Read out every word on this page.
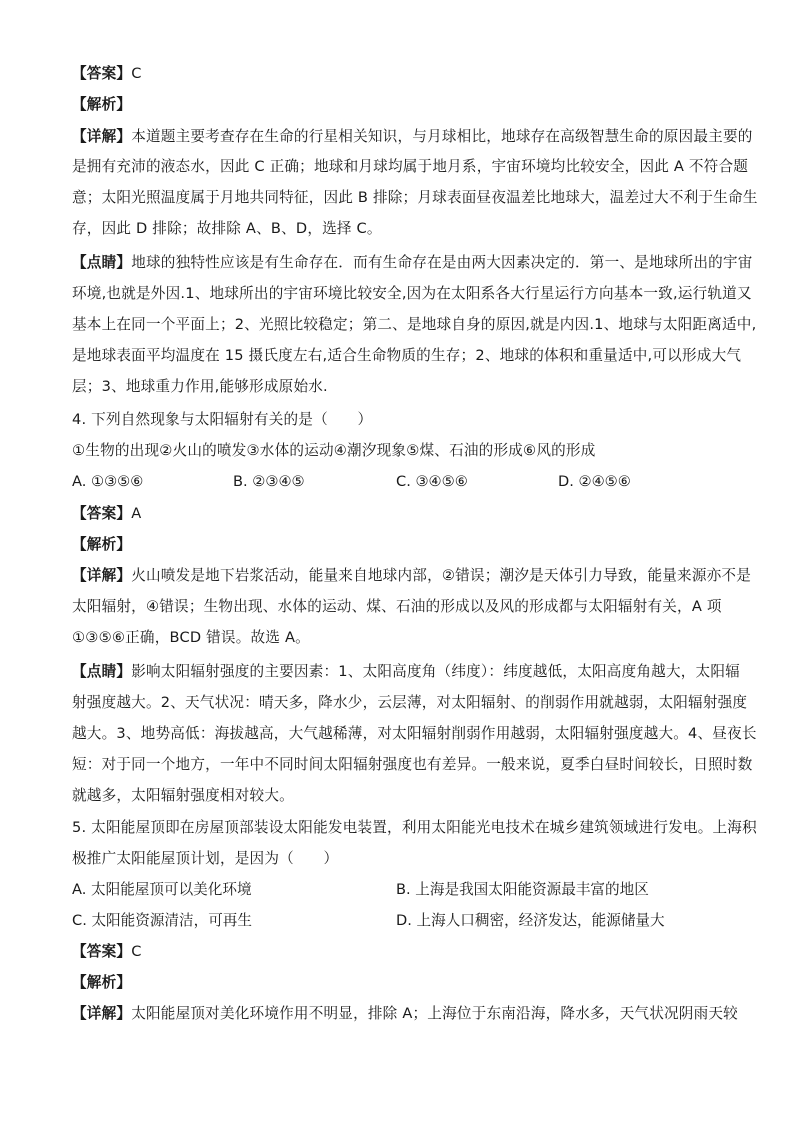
【答案】C
【解析】
【详解】本道题主要考查存在生命的行星相关知识，与月球相比，地球存在高级智慧生命的原因最主要的
是拥有充沛的液态水，因此 C 正确；地球和月球均属于地月系，宇宙环境均比较安全，因此 A 不符合题
意；太阳光照温度属于月地共同特征，因此 B 排除；月球表面昼夜温差比地球大，温差过大不利于生命生
存，因此 D 排除；故排除 A、B、D，选择 C。
【点睛】地球的独特性应该是有生命存在．而有生命存在是由两大因素决定的．第一、是地球所出的宇宙
环境,也就是外因.1、地球所出的宇宙环境比较安全,因为在太阳系各大行星运行方向基本一致,运行轨道又
基本上在同一个平面上；2、光照比较稳定；第二、是地球自身的原因,就是内因.1、地球与太阳距离适中,
是地球表面平均温度在 15 摄氏度左右,适合生命物质的生存；2、地球的体积和重量适中,可以形成大气
层；3、地球重力作用,能够形成原始水.
4. 下列自然现象与太阳辐射有关的是（　　）
①生物的出现②火山的喷发③水体的运动④潮汐现象⑤煤、石油的形成⑥风的形成
A. ①③⑤⑥	B. ②③④⑤	C. ③④⑤⑥	D. ②④⑤⑥
【答案】A
【解析】
【详解】火山喷发是地下岩浆活动，能量来自地球内部，②错误；潮汐是天体引力导致，能量来源亦不是
太阳辐射，④错误；生物出现、水体的运动、煤、石油的形成以及风的形成都与太阳辐射有关，A 项
①③⑤⑥正确，BCD 错误。故选 A。
【点睛】影响太阳辐射强度的主要因素：1、太阳高度角（纬度）：纬度越低，太阳高度角越大，太阳辐
射强度越大。2、天气状况：晴天多，降水少，云层薄，对太阳辐射、的削弱作用就越弱，太阳辐射强度
越大。3、地势高低：海拔越高，大气越稀薄，对太阳辐射削弱作用越弱，太阳辐射强度越大。4、昼夜长
短：对于同一个地方，一年中不同时间太阳辐射强度也有差异。一般来说，夏季白昼时间较长，日照时数
就越多，太阳辐射强度相对较大。
5. 太阳能屋顶即在房屋顶部装设太阳能发电装置，利用太阳能光电技术在城乡建筑领域进行发电。上海积
极推广太阳能屋顶计划，是因为（　　）
A. 太阳能屋顶可以美化环境	B. 上海是我国太阳能资源最丰富的地区
C. 太阳能资源清洁，可再生	D. 上海人口稠密，经济发达，能源储量大
【答案】C
【解析】
【详解】太阳能屋顶对美化环境作用不明显，排除 A；上海位于东南沿海，降水多，天气状况阴雨天较
